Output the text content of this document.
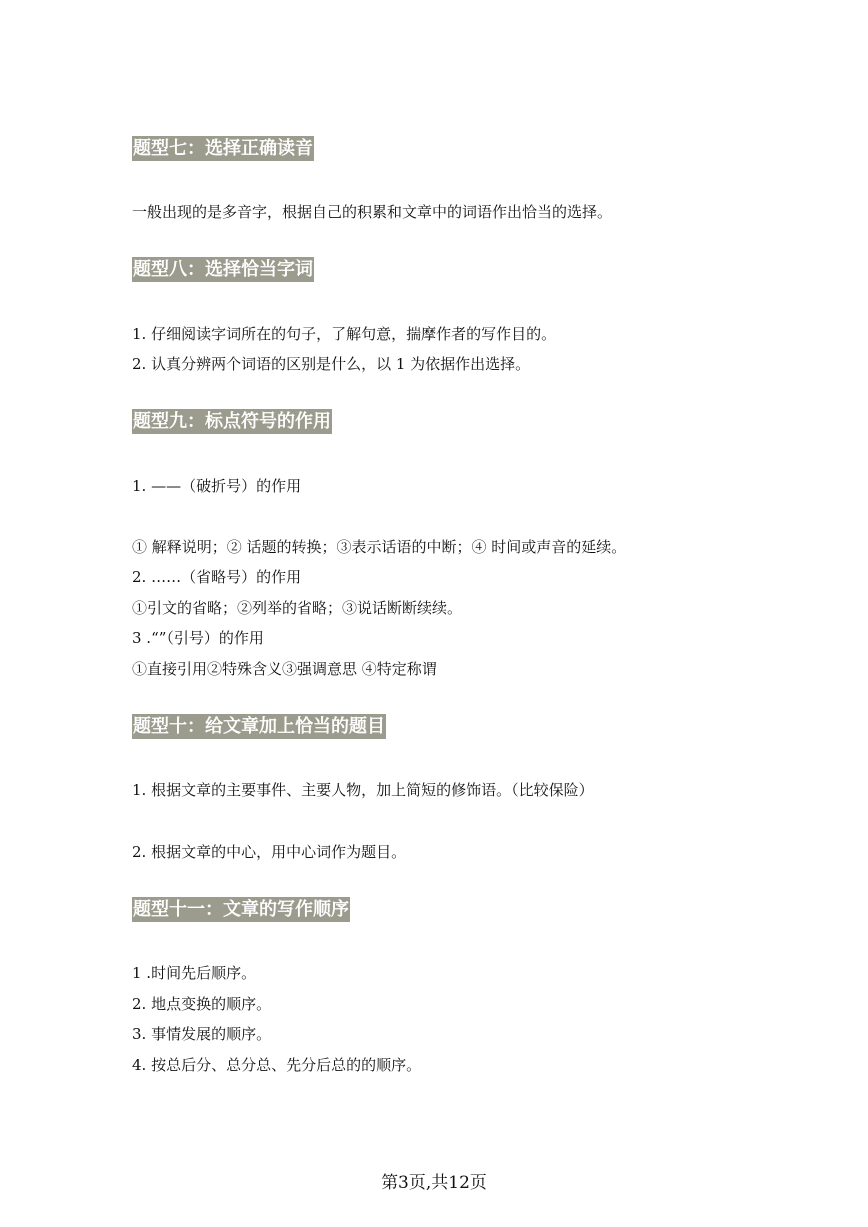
题型七：选择正确读音
一般出现的是多音字，根据自己的积累和文章中的词语作出恰当的选择。
题型八：选择恰当字词
1. 仔细阅读字词所在的句子，了解句意，揣摩作者的写作目的。
2. 认真分辨两个词语的区别是什么，以 1 为依据作出选择。
题型九：标点符号的作用
1. ——（破折号）的作用
① 解释说明；② 话题的转换；③表示话语的中断；④ 时间或声音的延续。
2. ……（省略号）的作用
①引文的省略；②列举的省略；③说话断断续续。
3 .“”（引号）的作用
①直接引用②特殊含义③强调意思 ④特定称谓
题型十：给文章加上恰当的题目
1. 根据文章的主要事件、主要人物，加上简短的修饰语。（比较保险）
2. 根据文章的中心，用中心词作为题目。
题型十一：文章的写作顺序
1 .时间先后顺序。
2. 地点变换的顺序。
3. 事情发展的顺序。
4. 按总后分、总分总、先分后总的的顺序。
第3页,共12页
